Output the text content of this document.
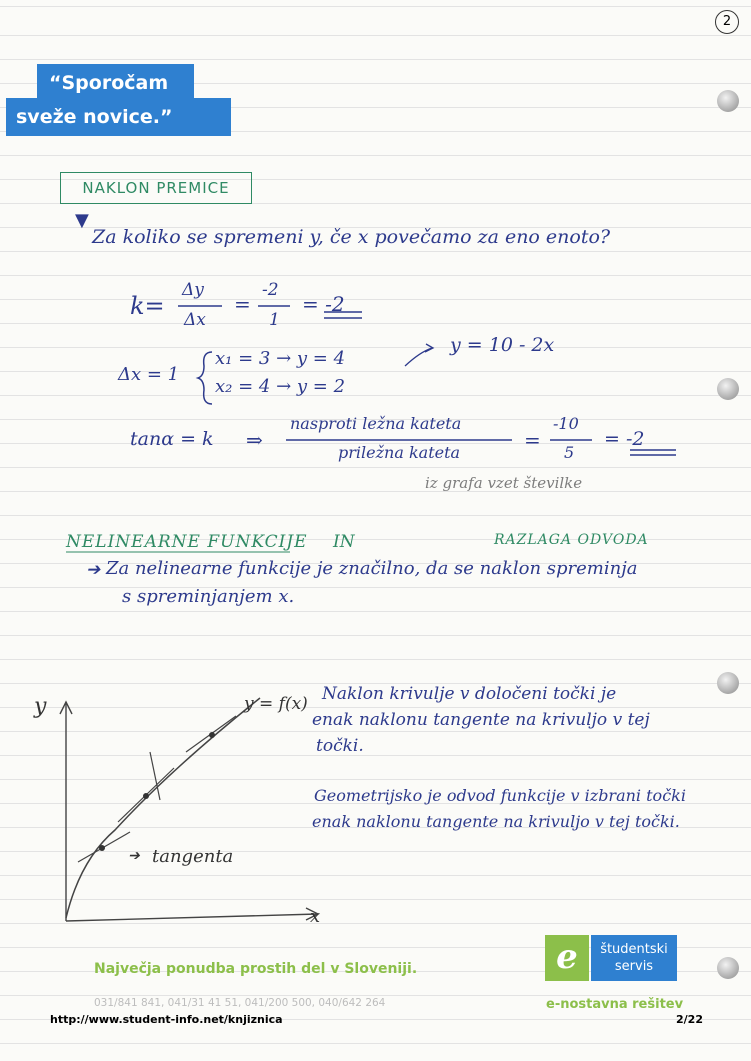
2
“Sporočam
sveže novice.”
NAKLON PREMICE
▼
Za koliko se spremeni y, če x povečamo za eno enoto?
k=
Δy
Δx
=
-2
1
= -2
Δx = 1
x₁ = 3 → y = 4
x₂ = 4 → y = 2
y = 10 - 2x
tanα = k ⇒
nasproti ležna kateta
priležna kateta
=
-10
5
= -2
iz grafa vzet številke
NELINEARNE FUNKCIJE IN	RAZLAGA ODVODA
➔ Za nelinearne funkcije je značilno, da se naklon spreminja
s spreminjanjem x.
y
x
y = f(x)
➔ tangenta
Naklon krivulje v določeni točki je
enak naklonu tangente na krivuljo v tej
točki.
Geometrijsko je odvod funkcije v izbrani točki
enak naklonu tangente na krivuljo v tej točki.
Največja ponudba prostih del v Sloveniji.
031/841 841, 041/31 41 51, 041/200 500, 040/642 264
e	študentski
servis
e-nostavna rešitev
http://www.student-info.net/knjiznica	2/22
